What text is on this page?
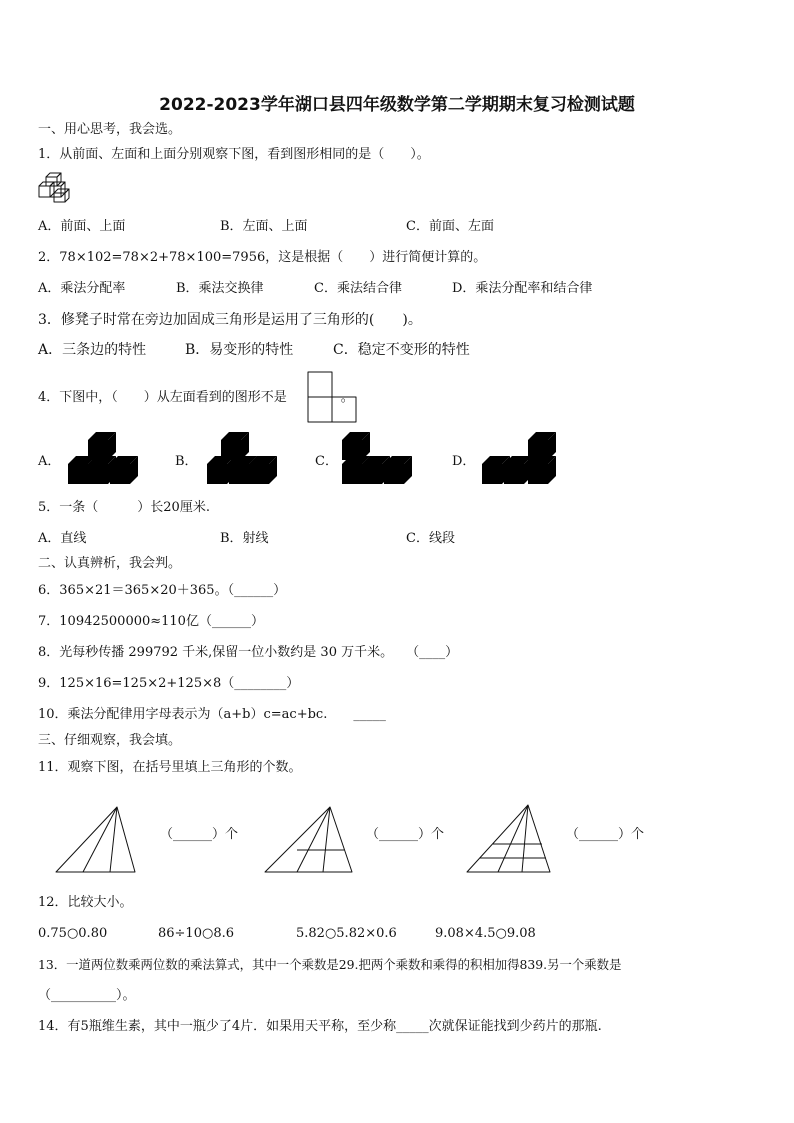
2022-2023学年湖口县四年级数学第二学期期末复习检测试题
一、用心思考，我会选。
1．从前面、左面和上面分别观察下图，看到图形相同的是（　　）。
A．前面、上面	B．左面、上面	C．前面、左面
2．78×102=78×2+78×100=7956，这是根据（　　）进行简便计算的。
A．乘法分配率	B．乘法交换律	C．乘法结合律	D．乘法分配率和结合律
3．修凳子时常在旁边加固成三角形是运用了三角形的(　　)。
A．三条边的特性	B．易变形的特性	C．稳定不变形的特性
4．下图中，（　　）从左面看到的图形不是	。
A．	B．	C．	D．
5．一条（　　　）长20厘米.
A．直线	B．射线	C．线段
二、认真辨析，我会判。
6．365×21＝365×20＋365。（______）
7．10942500000≈110亿（______）
8．光每秒传播 299792 千米,保留一位小数约是 30 万千米。　　（____）
9．125×16=125×2+125×8（________）
10．乘法分配律用字母表示为（a+b）c=ac+bc.　　_____
三、仔细观察，我会填。
11．观察下图，在括号里填上三角形的个数。
（______）个	（______）个	（______）个
12．比较大小。
0.75○0.80	86÷10○8.6	5.82○5.82×0.6	9.08×4.5○9.08
13．一道两位数乘两位数的乘法算式，其中一个乘数是29.把两个乘数和乘得的积相加得839.另一个乘数是
（__________）。
14．有5瓶维生素，其中一瓶少了4片．如果用天平称，至少称_____次就保证能找到少药片的那瓶.
